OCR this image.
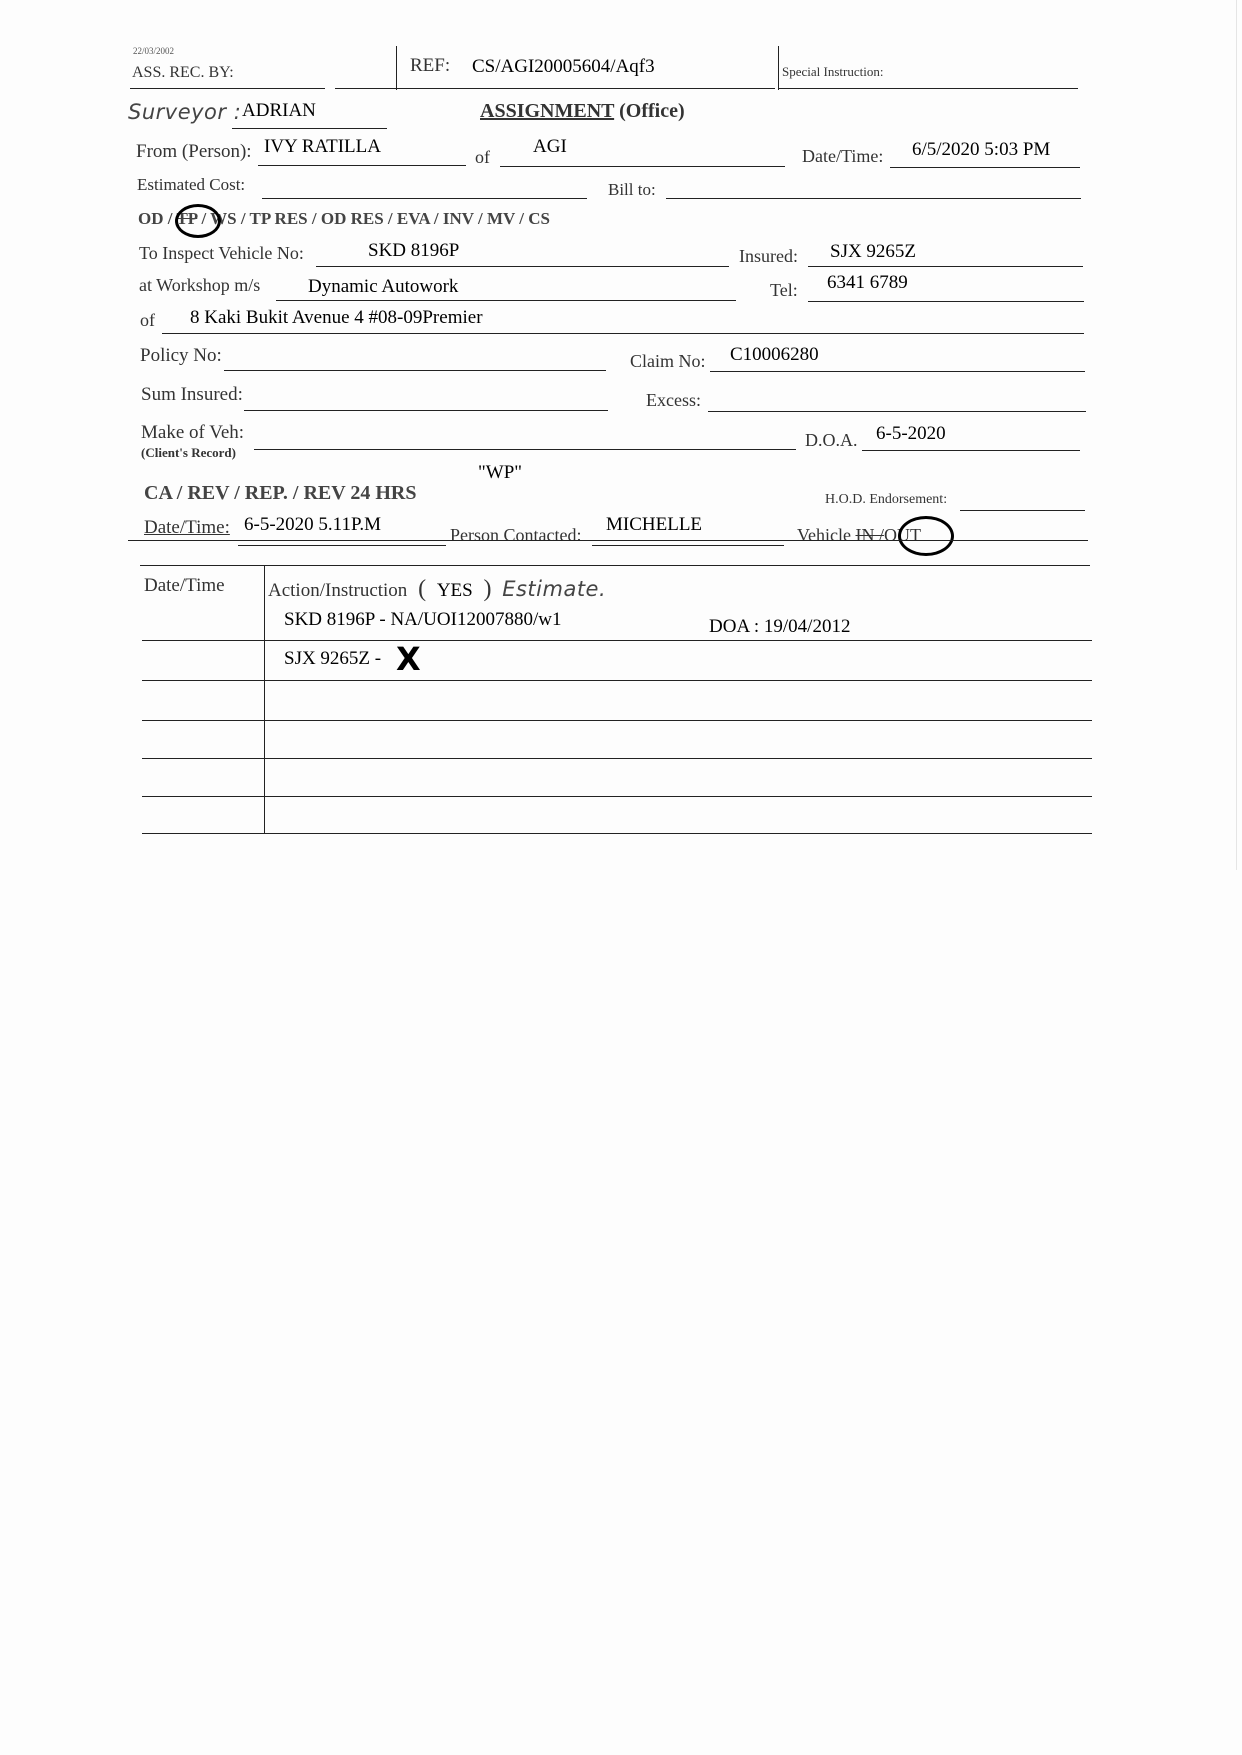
22/03/2002
ASS. REC. BY:	REF: CS/AGI20005604/Aqf3	Special Instruction:
Surveyor : ADRIAN	ASSIGNMENT (Office)
From (Person): IVY RATILLA	of AGI	Date/Time: 6/5/2020 5:03 PM
Estimated Cost:	Bill to:
OD / TP / WS / TP RES / OD RES / EVA / INV / MV / CS
To Inspect Vehicle No:	SKD 8196P	Insured: SJX 9265Z
at Workshop m/s	Dynamic Autowork	Tel: 6341 6789
of 8 Kaki Bukit Avenue 4 #08-09Premier
Policy No:	Claim No: C10006280
Sum Insured:	Excess:
Make of Veh:
(Client's Record)
D.O.A. 6-5-2020
"WP"
CA / REV / REP. / REV 24 HRS	H.O.D. Endorsement:
Date/Time: 6-5-2020 5.11P.M	Person Contacted: MICHELLE	Vehicle IN /OUT
Date/Time Action/Instruction ( YES ) Estimate.
SKD 8196P - NA/UOI12007880/w1	DOA : 19/04/2012
SJX 9265Z - X
